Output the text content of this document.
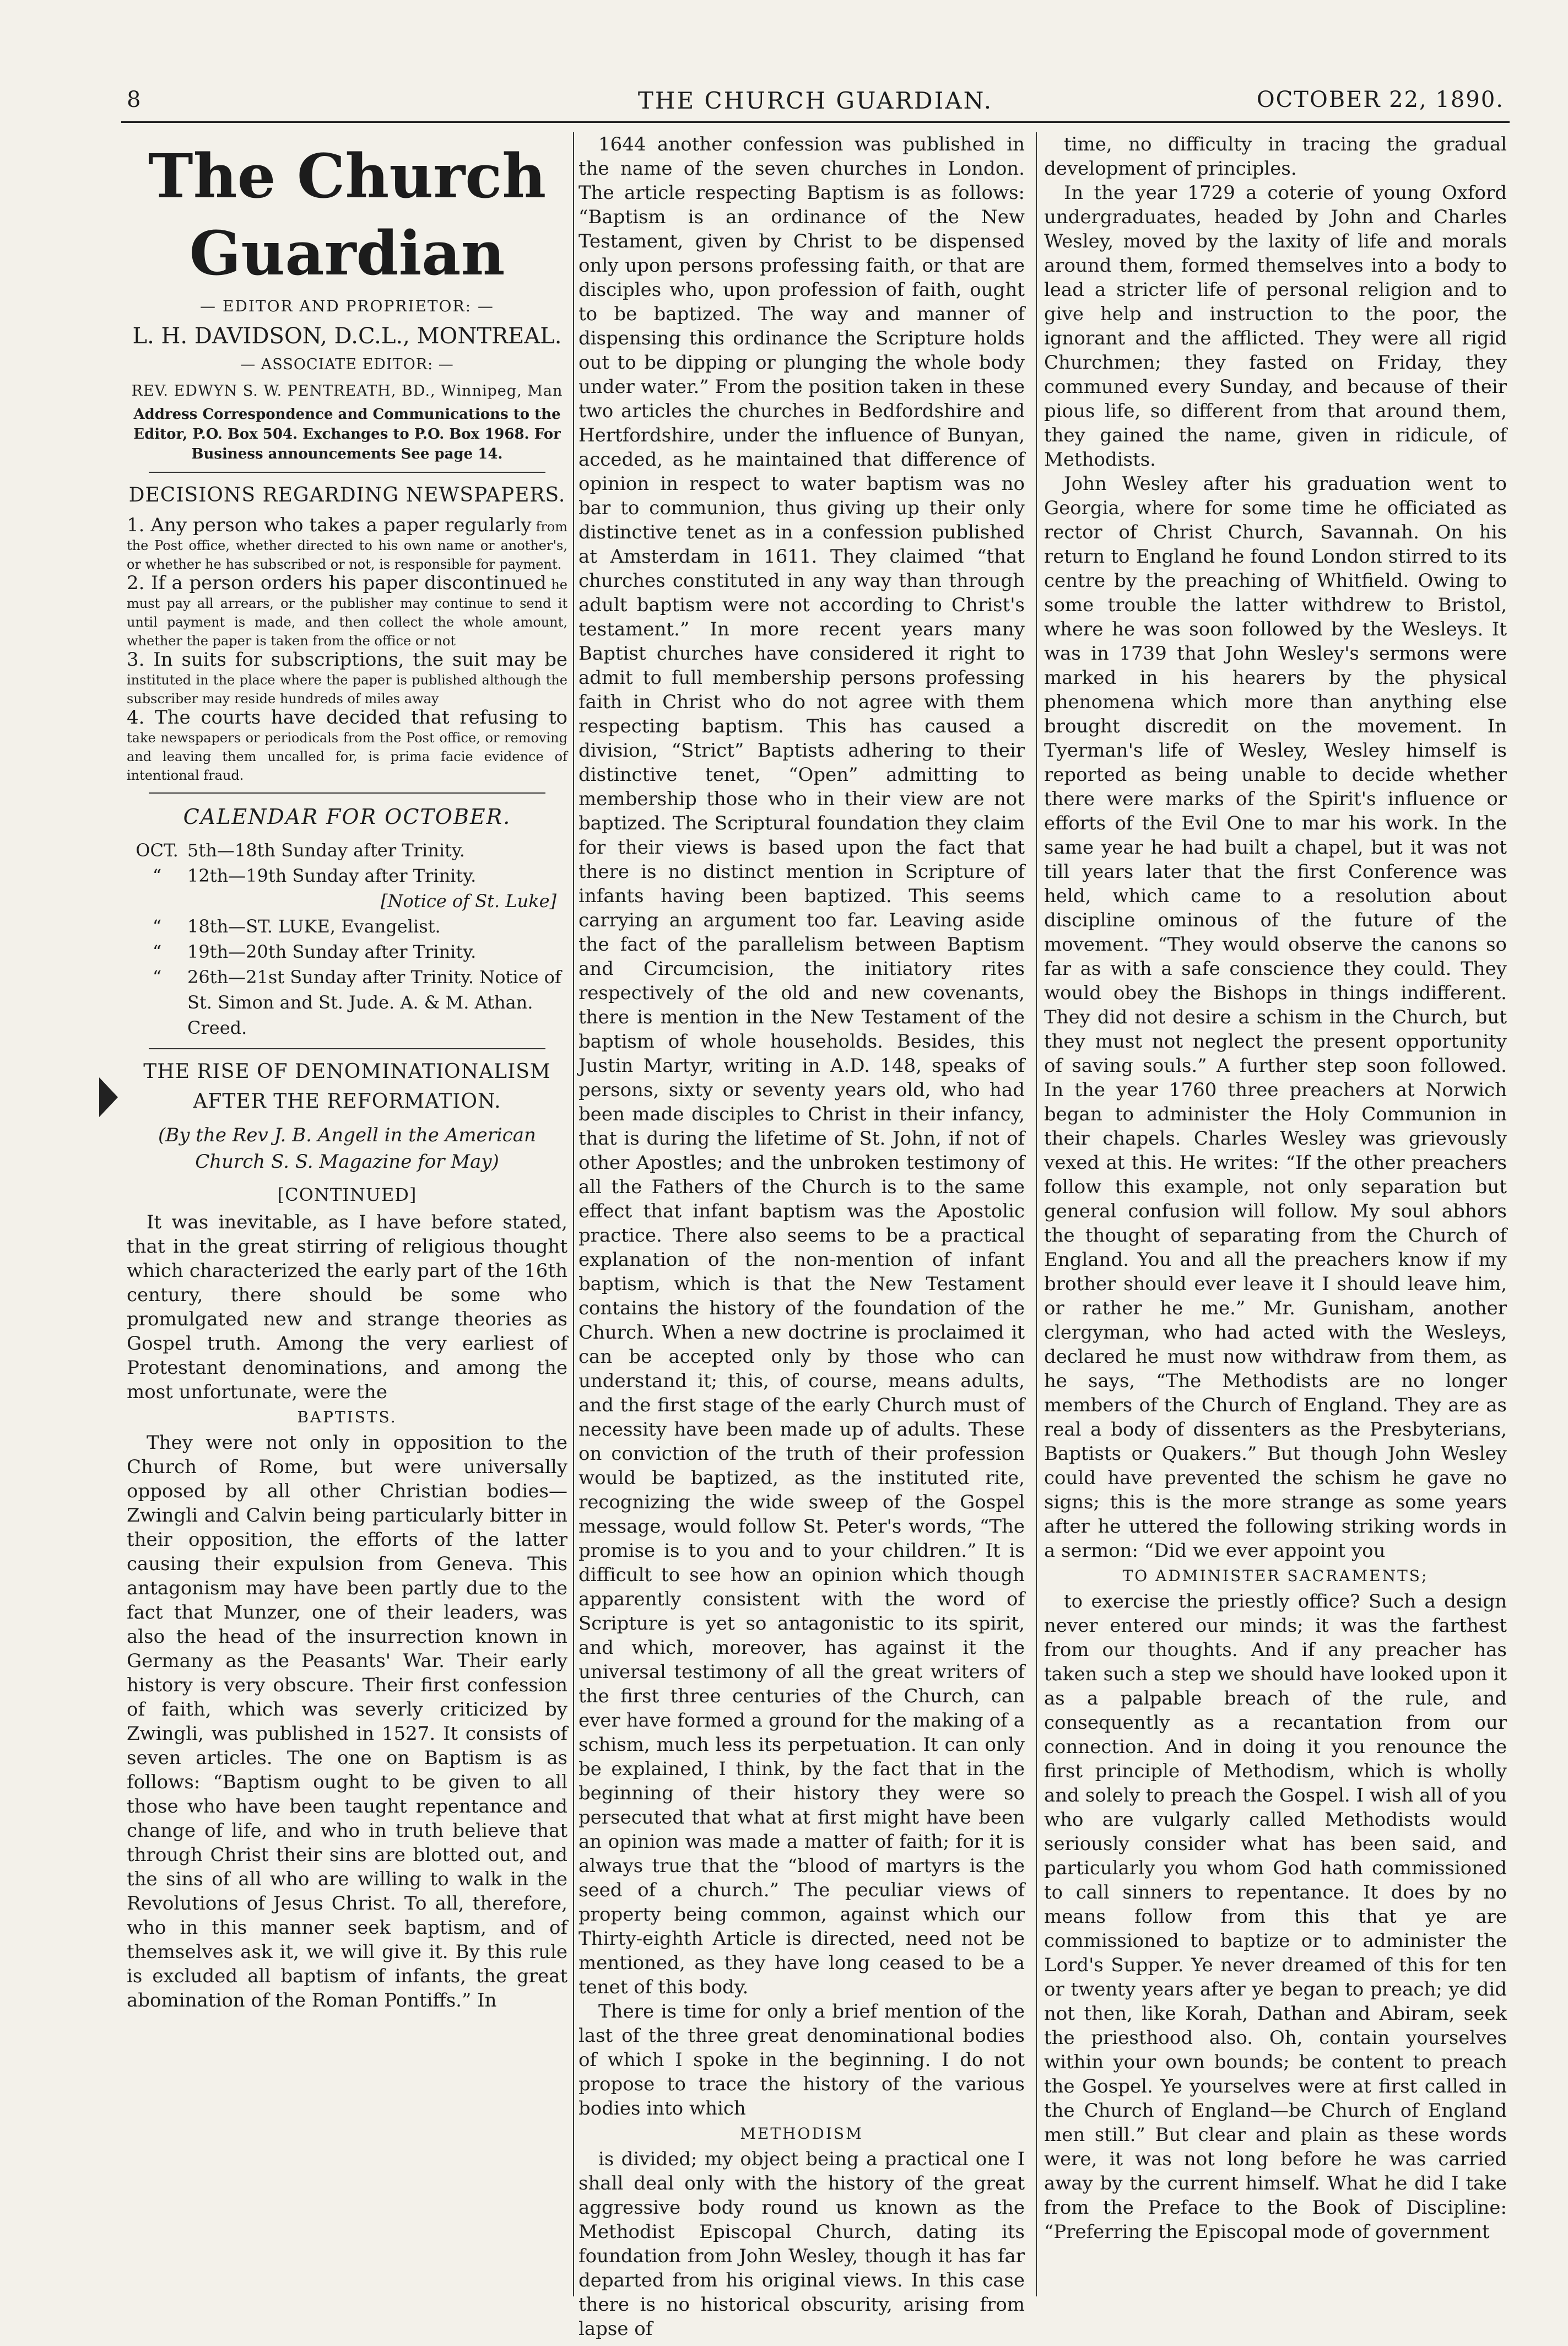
8	THE CHURCH GUARDIAN.	OCTOBER 22, 1890.
The Church Guardian
— EDITOR AND PROPRIETOR: —
L. H. DAVIDSON, D.C.L., MONTREAL.
— ASSOCIATE EDITOR: —
REV. EDWYN S. W. PENTREATH, BD., Winnipeg, Man
Address Correspondence and Communications to the Editor, P.O. Box 504. Exchanges to P.O. Box 1968. For Business announcements See page 14.
DECISIONS REGARDING NEWSPAPERS.

1. Any person who takes a paper regularly from the Post office, whether directed to his own name or another's, or whether he has subscribed or not, is responsible for payment.

2. If a person orders his paper discontinued he must pay all arrears, or the publisher may continue to send it until payment is made, and then collect the whole amount, whether the paper is taken from the office or not

3. In suits for subscriptions, the suit may be instituted in the place where the paper is published although the subscriber may reside hundreds of miles away

4. The courts have decided that refusing to take newspapers or periodicals from the Post office, or removing and leaving them uncalled for, is prima facie evidence of intentional fraud.

CALENDAR FOR OCTOBER.
OCT. 5th—18th Sunday after Trinity.
“	12th—19th Sunday after Trinity.
[Notice of St. Luke]
“	18th—ST. LUKE, Evangelist.
“	19th—20th Sunday after Trinity.
“	26th—21st Sunday after Trinity. Notice of St. Simon and St. Jude. A. & M. Athan. Creed.
THE RISE OF DENOMINATIONALISM AFTER THE REFORMATION.
(By the Rev J. B. Angell in the American Church S. S. Magazine for May)
[CONTINUED]

It was inevitable, as I have before stated, that in the great stirring of religious thought which characterized the early part of the 16th century, there should be some who promulgated new and strange theories as Gospel truth. Among the very earliest of Protestant denominations, and among the most unfortunate, were the

BAPTISTS.

They were not only in opposition to the Church of Rome, but were universally opposed by all other Christian bodies—Zwingli and Calvin being particularly bitter in their opposition, the efforts of the latter causing their expulsion from Geneva. This antagonism may have been partly due to the fact that Munzer, one of their leaders, was also the head of the insurrection known in Germany as the Peasants' War. Their early history is very obscure. Their first confession of faith, which was severly criticized by Zwingli, was published in 1527. It consists of seven articles. The one on Baptism is as follows: “Baptism ought to be given to all those who have been taught repentance and change of life, and who in truth believe that through Christ their sins are blotted out, and the sins of all who are willing to walk in the Revolutions of Jesus Christ. To all, therefore, who in this manner seek baptism, and of themselves ask it, we will give it. By this rule is excluded all baptism of infants, the great abomination of the Roman Pontiffs.” In

1644 another confession was published in the name of the seven churches in London. The article respecting Baptism is as follows: “Baptism is an ordinance of the New Testament, given by Christ to be dispensed only upon persons professing faith, or that are disciples who, upon profession of faith, ought to be baptized. The way and manner of dispensing this ordinance the Scripture holds out to be dipping or plunging the whole body under water.” From the position taken in these two articles the churches in Bedfordshire and Hertfordshire, under the influence of Bunyan, acceded, as he maintained that difference of opinion in respect to water baptism was no bar to communion, thus giving up their only distinctive tenet as in a confession published at Amsterdam in 1611. They claimed “that churches constituted in any way than through adult baptism were not according to Christ's testament.” In more recent years many Baptist churches have considered it right to admit to full membership persons professing faith in Christ who do not agree with them respecting baptism. This has caused a division, “Strict” Baptists adhering to their distinctive tenet, “Open” admitting to membership those who in their view are not baptized. The Scriptural foundation they claim for their views is based upon the fact that there is no distinct mention in Scripture of infants having been baptized. This seems carrying an argument too far. Leaving aside the fact of the parallelism between Baptism and Circumcision, the initiatory rites respectively of the old and new covenants, there is mention in the New Testament of the baptism of whole households. Besides, this Justin Martyr, writing in A.D. 148, speaks of persons, sixty or seventy years old, who had been made disciples to Christ in their infancy, that is during the lifetime of St. John, if not of other Apostles; and the unbroken testimony of all the Fathers of the Church is to the same effect that infant baptism was the Apostolic practice. There also seems to be a practical explanation of the non-mention of infant baptism, which is that the New Testament contains the history of the foundation of the Church. When a new doctrine is proclaimed it can be accepted only by those who can understand it; this, of course, means adults, and the first stage of the early Church must of necessity have been made up of adults. These on conviction of the truth of their profession would be baptized, as the instituted rite, recognizing the wide sweep of the Gospel message, would follow St. Peter's words, “The promise is to you and to your children.” It is difficult to see how an opinion which though apparently consistent with the word of Scripture is yet so antagonistic to its spirit, and which, moreover, has against it the universal testimony of all the great writers of the first three centuries of the Church, can ever have formed a ground for the making of a schism, much less its perpetuation. It can only be explained, I think, by the fact that in the beginning of their history they were so persecuted that what at first might have been an opinion was made a matter of faith; for it is always true that the “blood of martyrs is the seed of a church.” The peculiar views of property being common, against which our Thirty-eighth Article is directed, need not be mentioned, as they have long ceased to be a tenet of this body.

There is time for only a brief mention of the last of the three great denominational bodies of which I spoke in the beginning. I do not propose to trace the history of the various bodies into which

METHODISM

is divided; my object being a practical one I shall deal only with the history of the great aggressive body round us known as the Methodist Episcopal Church, dating its foundation from John Wesley, though it has far departed from his original views. In this case there is no historical obscurity, arising from lapse of

time, no difficulty in tracing the gradual development of principles.

In the year 1729 a coterie of young Oxford undergraduates, headed by John and Charles Wesley, moved by the laxity of life and morals around them, formed themselves into a body to lead a stricter life of personal religion and to give help and instruction to the poor, the ignorant and the afflicted. They were all rigid Churchmen; they fasted on Friday, they communed every Sunday, and because of their pious life, so different from that around them, they gained the name, given in ridicule, of Methodists.

John Wesley after his graduation went to Georgia, where for some time he officiated as rector of Christ Church, Savannah. On his return to England he found London stirred to its centre by the preaching of Whitfield. Owing to some trouble the latter withdrew to Bristol, where he was soon followed by the Wesleys. It was in 1739 that John Wesley's sermons were marked in his hearers by the physical phenomena which more than anything else brought discredit on the movement. In Tyerman's life of Wesley, Wesley himself is reported as being unable to decide whether there were marks of the Spirit's influence or efforts of the Evil One to mar his work. In the same year he had built a chapel, but it was not till years later that the first Conference was held, which came to a resolution about discipline ominous of the future of the movement. “They would observe the canons so far as with a safe conscience they could. They would obey the Bishops in things indifferent. They did not desire a schism in the Church, but they must not neglect the present opportunity of saving souls.” A further step soon followed. In the year 1760 three preachers at Norwich began to administer the Holy Communion in their chapels. Charles Wesley was grievously vexed at this. He writes: “If the other preachers follow this example, not only separation but general confusion will follow. My soul abhors the thought of separating from the Church of England. You and all the preachers know if my brother should ever leave it I should leave him, or rather he me.” Mr. Gunisham, another clergyman, who had acted with the Wesleys, declared he must now withdraw from them, as he says, “The Methodists are no longer members of the Church of England. They are as real a body of dissenters as the Presbyterians, Baptists or Quakers.” But though John Wesley could have prevented the schism he gave no signs; this is the more strange as some years after he uttered the following striking words in a sermon: “Did we ever appoint you

TO ADMINISTER SACRAMENTS;

to exercise the priestly office? Such a design never entered our minds; it was the farthest from our thoughts. And if any preacher has taken such a step we should have looked upon it as a palpable breach of the rule, and consequently as a recantation from our connection. And in doing it you renounce the first principle of Methodism, which is wholly and solely to preach the Gospel. I wish all of you who are vulgarly called Methodists would seriously consider what has been said, and particularly you whom God hath commissioned to call sinners to repentance. It does by no means follow from this that ye are commissioned to baptize or to administer the Lord's Supper. Ye never dreamed of this for ten or twenty years after ye began to preach; ye did not then, like Korah, Dathan and Abiram, seek the priesthood also. Oh, contain yourselves within your own bounds; be content to preach the Gospel. Ye yourselves were at first called in the Church of England—be Church of England men still.” But clear and plain as these words were, it was not long before he was carried away by the current himself. What he did I take from the Preface to the Book of Discipline: “Preferring the Episcopal mode of government
